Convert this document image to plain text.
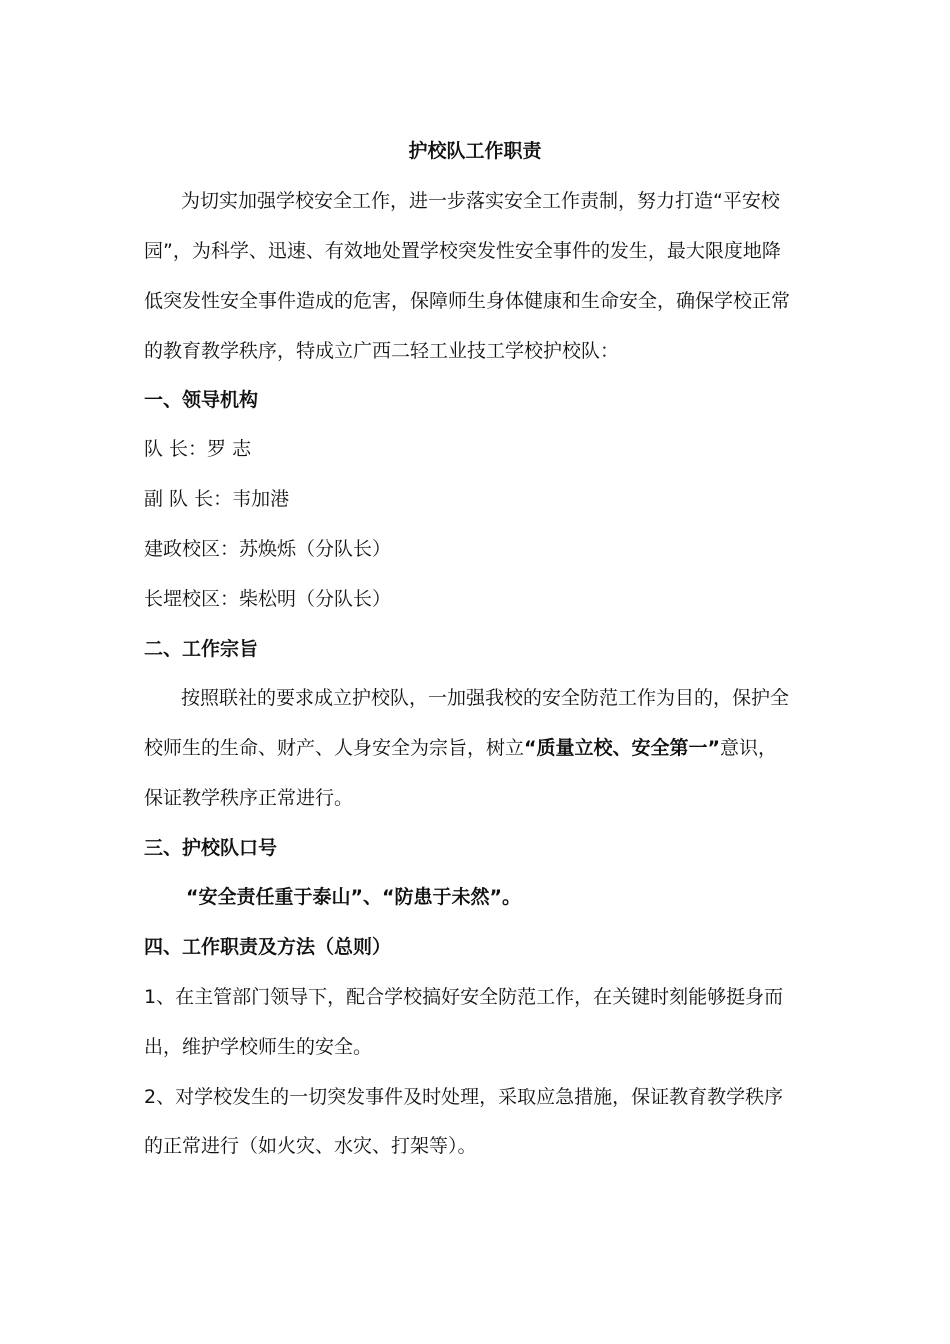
护校队工作职责
为切实加强学校安全工作，进一步落实安全工作责制，努力打造“平安校
园”，为科学、迅速、有效地处置学校突发性安全事件的发生，最大限度地降
低突发性安全事件造成的危害，保障师生身体健康和生命安全，确保学校正常
的教育教学秩序，特成立广西二轻工业技工学校护校队：
一、领导机构
队 长：罗 志
副 队 长：韦加港
建政校区：苏焕烁（分队长）
长堽校区：柴松明（分队长）
二、工作宗旨
按照联社的要求成立护校队，一加强我校的安全防范工作为目的，保护全
校师生的生命、财产、人身安全为宗旨，树立“质量立校、安全第一”意识，
保证教学秩序正常进行。
三、护校队口号
“安全责任重于泰山”、“防患于未然”。
四、工作职责及方法（总则）
1、在主管部门领导下，配合学校搞好安全防范工作，在关键时刻能够挺身而
出，维护学校师生的安全。
2、对学校发生的一切突发事件及时处理，采取应急措施，保证教育教学秩序
的正常进行（如火灾、水灾、打架等）。
